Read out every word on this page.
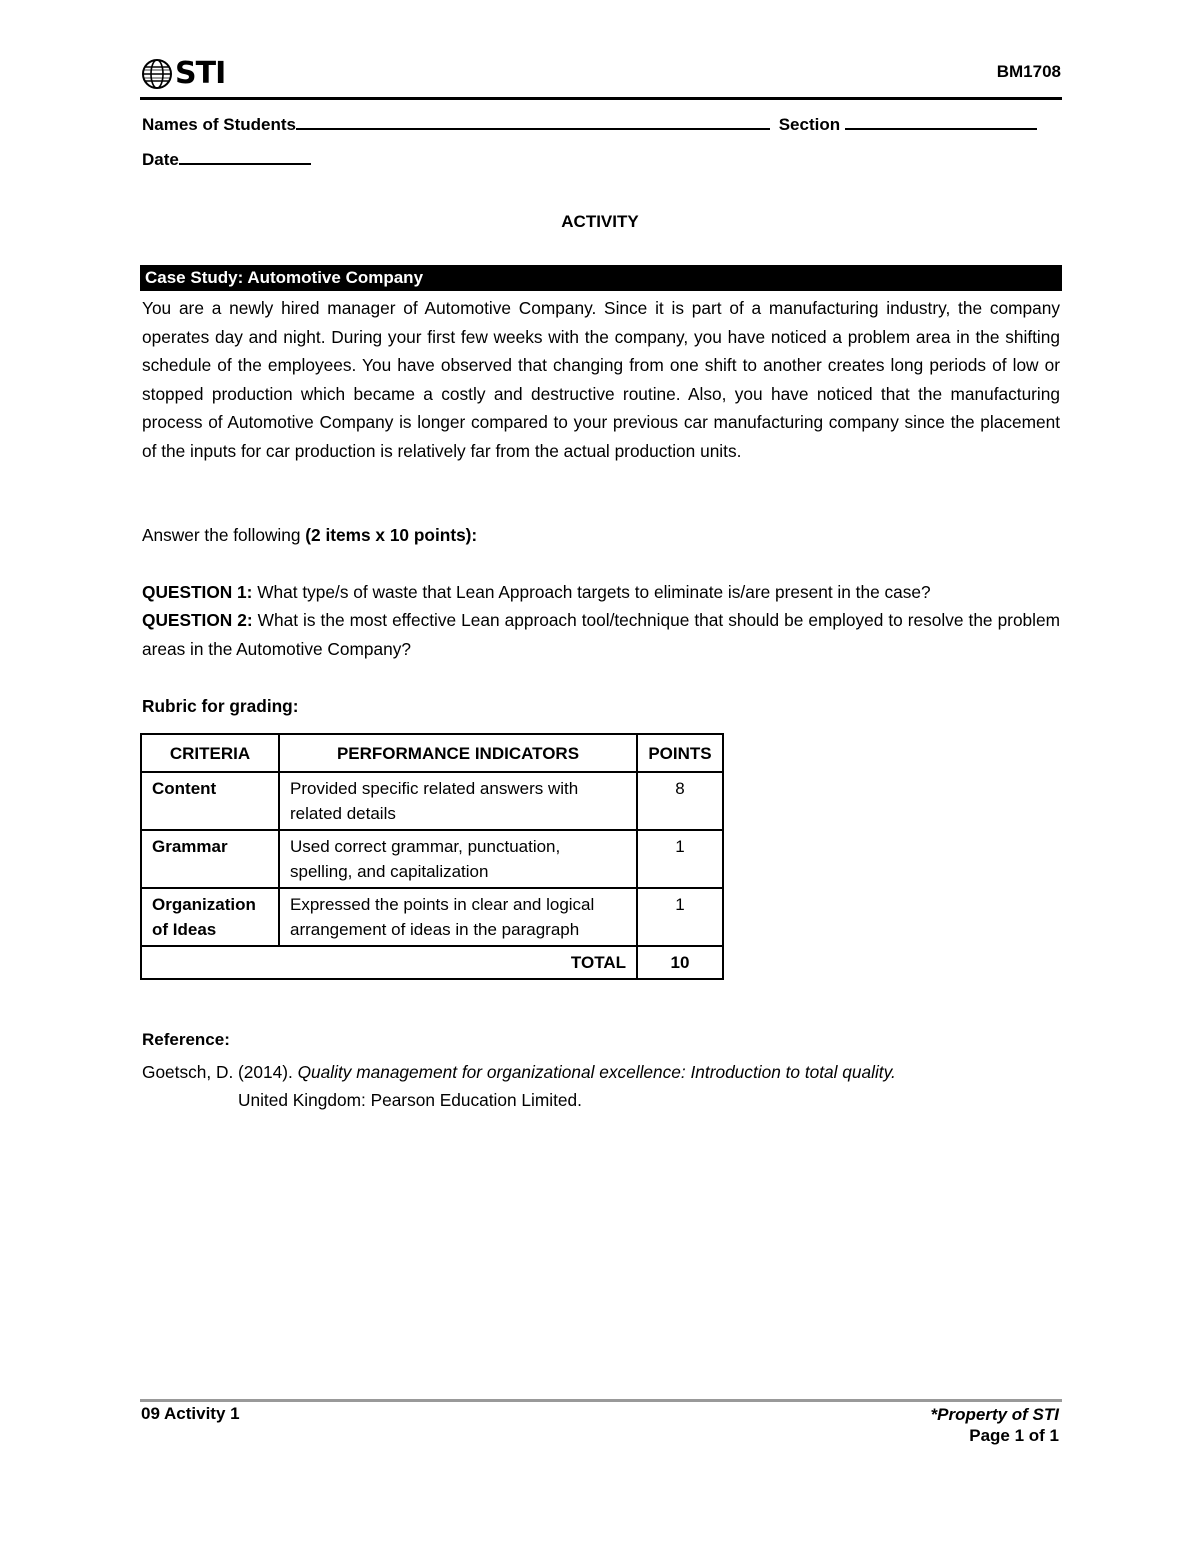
STI	BM1708
Names of Students	Section
Date
ACTIVITY
Case Study: Automotive Company
You are a newly hired manager of Automotive Company. Since it is part of a manufacturing industry, the company operates day and night. During your first few weeks with the company, you have noticed a problem area in the shifting schedule of the employees. You have observed that changing from one shift to another creates long periods of low or stopped production which became a costly and destructive routine. Also, you have noticed that the manufacturing process of Automotive Company is longer compared to your previous car manufacturing company since the placement of the inputs for car production is relatively far from the actual production units.
Answer the following (2 items x 10 points):
QUESTION 1: What type/s of waste that Lean Approach targets to eliminate is/are present in the case?
QUESTION 2: What is the most effective Lean approach tool/technique that should be employed to resolve the problem areas in the Automotive Company?
Rubric for grading:
CRITERIA	PERFORMANCE INDICATORS	POINTS
Content	Provided specific related answers with related details	8
Grammar	Used correct grammar, punctuation, spelling, and capitalization	1
Organization of Ideas	Expressed the points in clear and logical arrangement of ideas in the paragraph	1
TOTAL		10
Reference:
Goetsch, D. (2014). Quality management for organizational excellence: Introduction to total quality.
United Kingdom: Pearson Education Limited.
09 Activity 1	*Property of STI
Page 1 of 1
